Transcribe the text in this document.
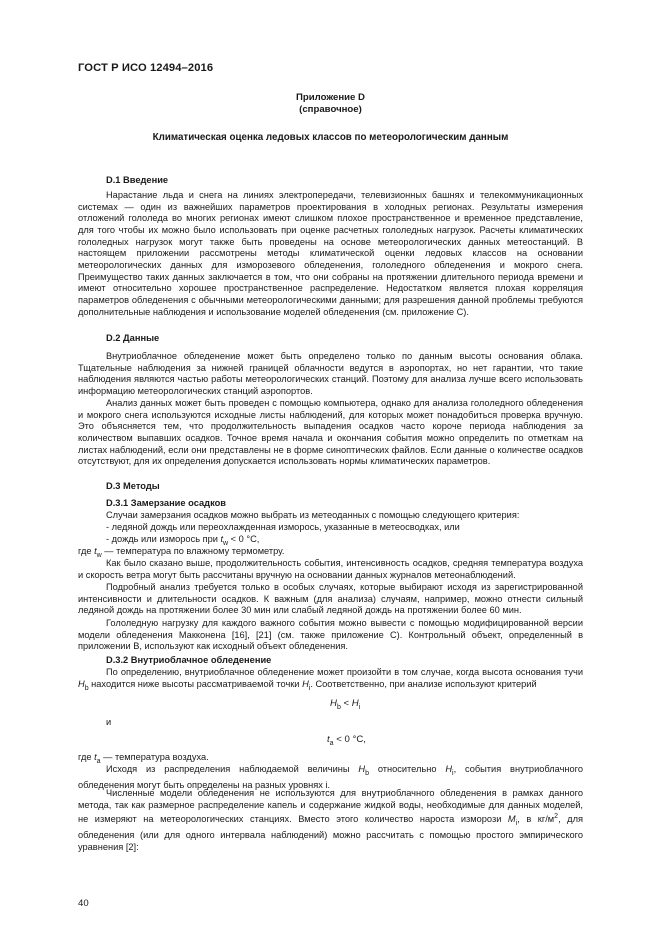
ГОСТ Р ИСО 12494–2016
Приложение D
(справочное)
Климатическая оценка ледовых классов по метеорологическим данным
D.1 Введение

Нарастание льда и снега на линиях электропередачи, телевизионных башнях и телекоммуникационных системах — один из важнейших параметров проектирования в холодных регионах. Результаты измерения отложений гололеда во многих регионах имеют слишком плохое пространственное и временное представление, для того чтобы их можно было использовать при оценке расчетных гололедных нагрузок. Расчеты климатических гололедных нагрузок могут также быть проведены на основе метеорологических данных метеостанций. В настоящем приложении рассмотрены методы климатической оценки ледовых классов на основании метеорологических данных для изморозевого обледенения, гололедного обледенения и мокрого снега. Преимущество таких данных заключается в том, что они собраны на протяжении длительного периода времени и имеют относительно хорошее пространственное распределение. Недостатком является плохая корреляция параметров обледенения с обычными метеорологическими данными; для разрешения данной проблемы требуются дополнительные наблюдения и использование моделей обледенения (см. приложение С).

D.2 Данные

Внутриоблачное обледенение может быть определено только по данным высоты основания облака. Тщательные наблюдения за нижней границей облачности ведутся в аэропортах, но нет гарантии, что такие наблюдения являются частью работы метеорологических станций. Поэтому для анализа лучше всего использовать информацию метеорологических станций аэропортов.

Анализ данных может быть проведен с помощью компьютера, однако для анализа гололедного обледенения и мокрого снега используются исходные листы наблюдений, для которых может понадобиться проверка вручную. Это объясняется тем, что продолжительность выпадения осадков часто короче периода наблюдения за количеством выпавших осадков. Точное время начала и окончания события можно определить по отметкам на листах наблюдений, если они представлены не в форме синоптических файлов. Если данные о количестве осадков отсутствуют, для их определения допускается использовать нормы климатических параметров.

D.3 Методы
D.3.1 Замерзание осадков
Случаи замерзания осадков можно выбрать из метеоданных с помощью следующего критерия:
- ледяной дождь или переохлажденная изморось, указанные в метеосводках, или
- дождь или изморось при $t_w < 0$ °С,
где $t_w$ — температура по влажному термометру.

Как было сказано выше, продолжительность события, интенсивность осадков, средняя температура воздуха и скорость ветра могут быть рассчитаны вручную на основании данных журналов метеонаблюдений.

Подробный анализ требуется только в особых случаях, которые выбирают исходя из зарегистрированной интенсивности и длительности осадков. К важным (для анализа) случаям, например, можно отнести сильный ледяной дождь на протяжении более 30 мин или слабый ледяной дождь на протяжении более 60 мин.

Гололедную нагрузку для каждого важного события можно вывести с помощью модифицированной версии модели обледенения Макконена [16], [21] (см. также приложение С). Контрольный объект, определенный в приложении В, используют как исходный объект обледенения.

D.3.2 Внутриоблачное обледенение

По определению, внутриоблачное обледенение может произойти в том случае, когда высота основания тучи $H_b$ находится ниже высоты рассматриваемой точки $H_i$. Соответственно, при анализе используют критерий

$H_b < H_i$
и
$t_a < 0$ °С,
где $t_a$ — температура воздуха.

Исходя из распределения наблюдаемой величины $H_b$ относительно $H_i$, события внутриоблачного обледенения могут быть определены на разных уровнях i.

Численные модели обледенения не используются для внутриоблачного обледенения в рамках данного метода, так как размерное распределение капель и содержание жидкой воды, необходимые для данных моделей, не измеряют на метеорологических станциях. Вместо этого количество нароста изморози $M_i$, в $кг/м^2$, для обледенения (или для одного интервала наблюдений) можно рассчитать с помощью простого эмпирического уравнения [2]:

40
